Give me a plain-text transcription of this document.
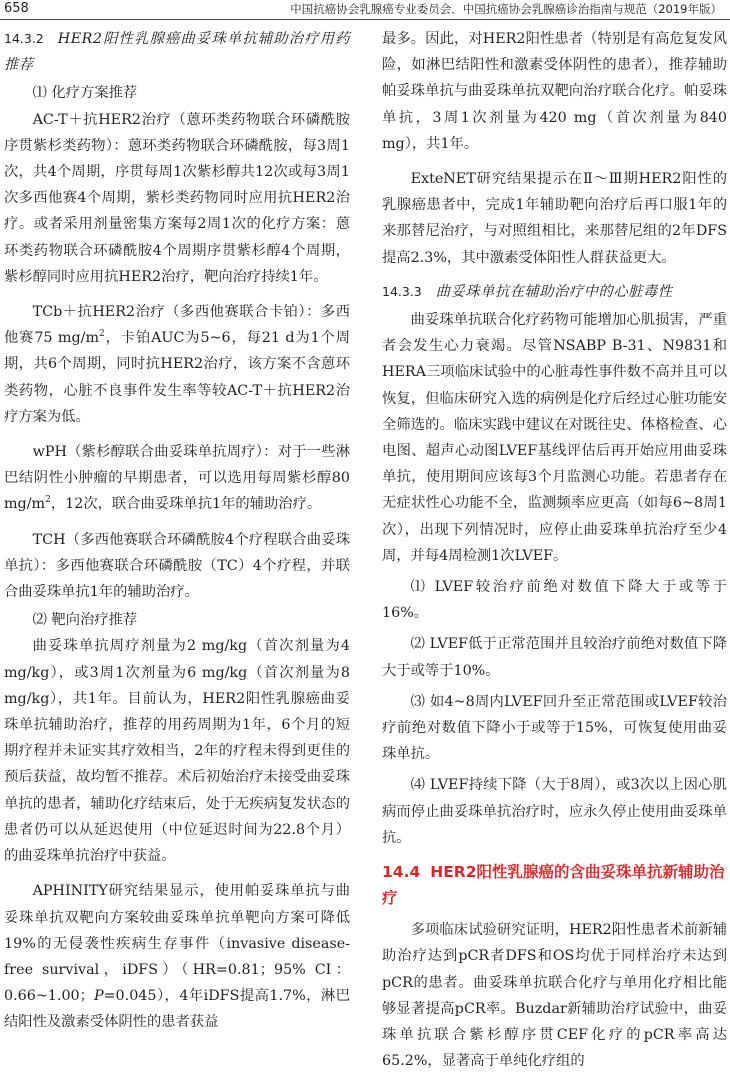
658	中国抗癌协会乳腺癌专业委员会．中国抗癌协会乳腺癌诊治指南与规范（2019年版）

14.3.2 HER2阳性乳腺癌曲妥珠单抗辅助治疗用药推荐

⑴ 化疗方案推荐

AC-T＋抗HER2治疗（蒽环类药物联合环磷酰胺序贯紫杉类药物）：蒽环类药物联合环磷酰胺，每3周1次，共4个周期，序贯每周1次紫杉醇共12次或每3周1次多西他赛4个周期，紫杉类药物同时应用抗HER2治疗。或者采用剂量密集方案每2周1次的化疗方案：蒽环类药物联合环磷酰胺4个周期序贯紫杉醇4个周期，紫杉醇同时应用抗HER2治疗，靶向治疗持续1年。

TCb＋抗HER2治疗（多西他赛联合卡铂）：多西他赛75 $mg/m^2$，卡铂AUC为5~6，每21 d为1个周期，共6个周期，同时抗HER2治疗，该方案不含蒽环类药物，心脏不良事件发生率等较AC-T＋抗HER2治疗方案为低。

wPH（紫杉醇联合曲妥珠单抗周疗）：对于一些淋巴结阴性小肿瘤的早期患者，可以选用每周紫杉醇80 $mg/m^2$，12次，联合曲妥珠单抗1年的辅助治疗。

TCH（多西他赛联合环磷酰胺4个疗程联合曲妥珠单抗）：多西他赛联合环磷酰胺（TC）4个疗程，并联合曲妥珠单抗1年的辅助治疗。

⑵ 靶向治疗推荐

曲妥珠单抗周疗剂量为2 mg/kg（首次剂量为4 mg/kg），或3周1次剂量为6 mg/kg（首次剂量为8 mg/kg），共1年。目前认为，HER2阳性乳腺癌曲妥珠单抗辅助治疗，推荐的用药周期为1年，6个月的短期疗程并未证实其疗效相当，2年的疗程未得到更佳的预后获益，故均暂不推荐。术后初始治疗未接受曲妥珠单抗的患者，辅助化疗结束后，处于无疾病复发状态的患者仍可以从延迟使用（中位延迟时间为22.8个月）的曲妥珠单抗治疗中获益。

APHINITY研究结果显示，使用帕妥珠单抗与曲妥珠单抗双靶向方案较曲妥珠单抗单靶向方案可降低19%的无侵袭性疾病生存事件（invasive disease-free survival，iDFS）（HR=0.81；95% CI：0.66~1.00；P=0.045），4年iDFS提高1.7%，淋巴结阳性及激素受体阴性的患者获益

最多。因此，对HER2阳性患者（特别是有高危复发风险，如淋巴结阳性和激素受体阴性的患者），推荐辅助帕妥珠单抗与曲妥珠单抗双靶向治疗联合化疗。帕妥珠单抗，3周1次剂量为420 mg（首次剂量为840 mg），共1年。

ExteNET研究结果提示在Ⅱ～Ⅲ期HER2阳性的乳腺癌患者中，完成1年辅助靶向治疗后再口服1年的来那替尼治疗，与对照组相比，来那替尼组的2年DFS提高2.3%，其中激素受体阳性人群获益更大。

14.3.3 曲妥珠单抗在辅助治疗中的心脏毒性

曲妥珠单抗联合化疗药物可能增加心肌损害，严重者会发生心力衰竭。尽管NSABP B-31、N9831和HERA三项临床试验中的心脏毒性事件数不高并且可以恢复，但临床研究入选的病例是化疗后经过心脏功能安全筛选的。临床实践中建议在对既往史、体格检查、心电图、超声心动图LVEF基线评估后再开始应用曲妥珠单抗，使用期间应该每3个月监测心功能。若患者存在无症状性心功能不全，监测频率应更高（如每6~8周1次），出现下列情况时，应停止曲妥珠单抗治疗至少4周，并每4周检测1次LVEF。

⑴ LVEF较治疗前绝对数值下降大于或等于16%。

⑵ LVEF低于正常范围并且较治疗前绝对数值下降大于或等于10%。

⑶ 如4~8周内LVEF回升至正常范围或LVEF较治疗前绝对数值下降小于或等于15%，可恢复使用曲妥珠单抗。

⑷ LVEF持续下降（大于8周），或3次以上因心肌病而停止曲妥珠单抗治疗时，应永久停止使用曲妥珠单抗。

14.4 HER2阳性乳腺癌的含曲妥珠单抗新辅助治疗

多项临床试验研究证明，HER2阳性患者术前新辅助治疗达到pCR者DFS和OS均优于同样治疗未达到pCR的患者。曲妥珠单抗联合化疗与单用化疗相比能够显著提高pCR率。Buzdar新辅助治疗试验中，曲妥珠单抗联合紫杉醇序贯CEF化疗的pCR率高达65.2%，显著高于单纯化疗组的
